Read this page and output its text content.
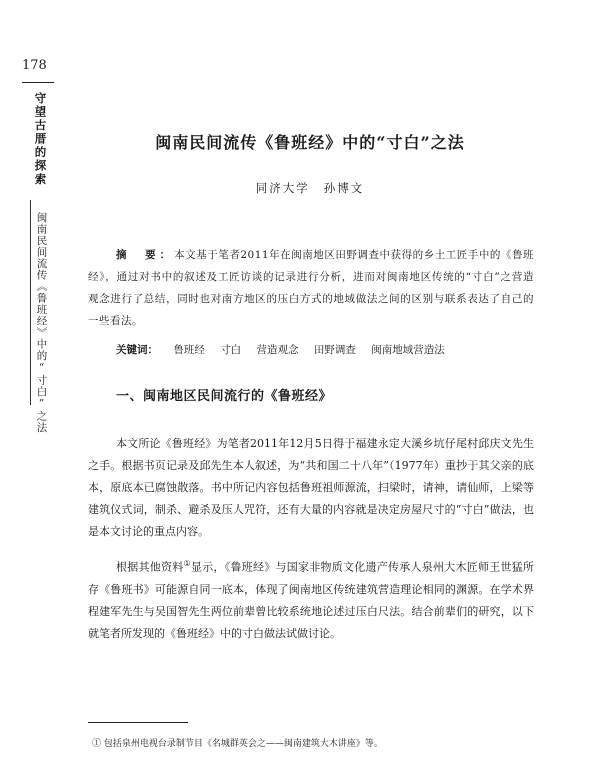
178
守望古厝的探索
闽南民间流传《鲁班经》中的“寸白”之法
闽南民间流传《鲁班经》中的“寸白”之法
同济大学 孙博文
摘　要：本文基于笔者2011年在闽南地区田野调查中获得的乡土工匠手中的《鲁班经》，通过对书中的叙述及工匠访谈的记录进行分析，进而对闽南地区传统的“寸白”之营造观念进行了总结，同时也对南方地区的压白方式的地域做法之间的区别与联系表达了自己的一些看法。
关键词： 鲁班经 寸白 营造观念 田野调查 闽南地域营造法
一、闽南地区民间流行的《鲁班经》
本文所论《鲁班经》为笔者2011年12月5日得于福建永定大溪乡坑仔尾村邱庆文先生之手。根据书页记录及邱先生本人叙述，为“共和国二十八年”（1977年）重抄于其父亲的底本，原底本已腐蚀散落。书中所记内容包括鲁班祖师源流，扫梁时，请神，请仙师，上梁等建筑仪式词，制杀、避杀及压人咒符，还有大量的内容就是决定房屋尺寸的“寸白”做法，也是本文讨论的重点内容。
根据其他资料①显示，《鲁班经》与国家非物质文化遗产传承人泉州大木匠师王世猛所存《鲁班书》可能源自同一底本，体现了闽南地区传统建筑营造理论相同的渊源。在学术界程建军先生与吴国智先生两位前辈曾比较系统地论述过压白尺法。结合前辈们的研究，以下就笔者所发现的《鲁班经》中的寸白做法试做讨论。
① 包括泉州电视台录制节目《名城群英会之——闽南建筑大木讲座》等。
